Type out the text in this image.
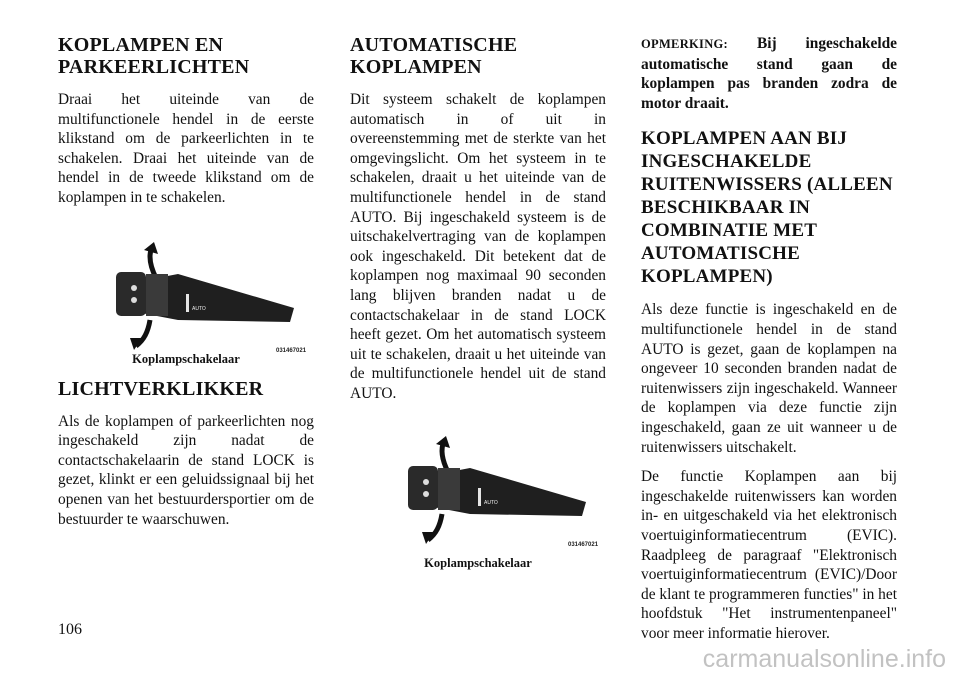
KOPLAMPEN EN PARKEERLICHTEN

Draai het uiteinde van de multifunctionele hendel in de eerste klikstand om de parkeerlichten in te schakelen. Draai het uiteinde van de hendel in de tweede klikstand om de koplampen in te schakelen.

AUTO
031467021
Koplampschakelaar
LICHTVERKLIKKER

Als de koplampen of parkeerlichten nog ingeschakeld zijn nadat de contactschakelaarin de stand LOCK is gezet, klinkt er een geluidssignaal bij het openen van het bestuurdersportier om de bestuurder te waarschuwen.

AUTOMATISCHE KOPLAMPEN

Dit systeem schakelt de koplampen automatisch in of uit in overeenstemming met de sterkte van het omgevingslicht. Om het systeem in te schakelen, draait u het uiteinde van de multifunctionele hendel in de stand AUTO. Bij ingeschakeld systeem is de uitschakelvertraging van de koplampen ook ingeschakeld. Dit betekent dat de koplampen nog maximaal 90 seconden lang blijven branden nadat u de contactschakelaar in de stand LOCK heeft gezet. Om het automatisch systeem uit te schakelen, draait u het uiteinde van de multifunctionele hendel uit de stand AUTO.

AUTO
031467021
Koplampschakelaar

OPMERKING: Bij ingeschakelde automatische stand gaan de koplampen pas branden zodra de motor draait.

KOPLAMPEN AAN BIJ INGESCHAKELDE RUITENWISSERS (ALLEEN BESCHIKBAAR IN COMBINATIE MET AUTOMATISCHE KOPLAMPEN)

Als deze functie is ingeschakeld en de multifunctionele hendel in de stand AUTO is gezet, gaan de koplampen na ongeveer 10 seconden branden nadat de ruitenwissers zijn ingeschakeld. Wanneer de koplampen via deze functie zijn ingeschakeld, gaan ze uit wanneer u de ruitenwissers uitschakelt.

De functie Koplampen aan bij ingeschakelde ruitenwissers kan worden in- en uitgeschakeld via het elektronisch voertuiginformatiecentrum (EVIC). Raadpleeg de paragraaf "Elektronisch voertuiginformatiecentrum (EVIC)/Door de klant te programmeren functies" in het hoofdstuk "Het instrumentenpaneel" voor meer informatie hierover.

106
carmanualsonline.info
